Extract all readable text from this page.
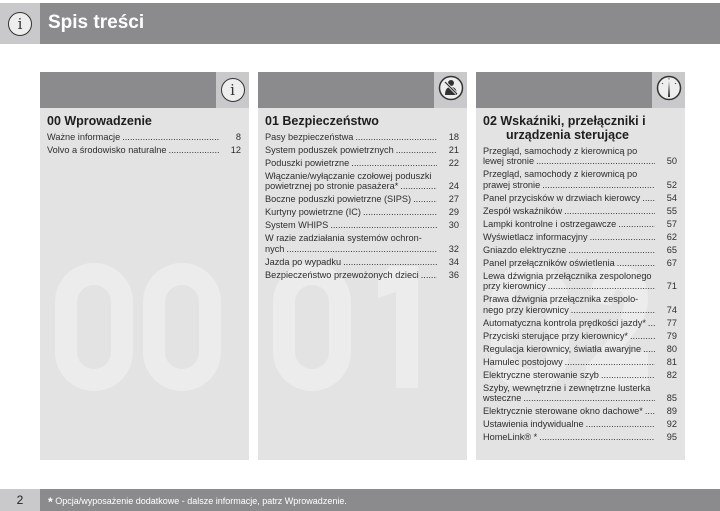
i	Spis treści
i
00 Wprowadzenie
Ważne informacje .....	8
Volvo a środowisko naturalne .....	12
01 Bezpieczeństwo
Pasy bezpieczeństwa .....	18
System poduszek powietrznych .....	21
Poduszki powietrzne .....	22
Włączanie/wyłączanie czołowej poduszki
powietrznej po stronie pasażera* .....	24
Boczne poduszki powietrzne (SIPS) .....	27
Kurtyny powietrzne (IC) .....	29
System WHIPS .....	30
W razie zadziałania systemów ochron-
nych .....	32
Jazda po wypadku .....	34
Bezpieczeństwo przewożonych dzieci .....	36
02 Wskaźniki, przełączniki i
urządzenia sterujące
Przegląd, samochody z kierownicą po
lewej stronie .....	50
Przegląd, samochody z kierownicą po
prawej stronie .....	52
Panel przycisków w drzwiach kierowcy .....	54
Zespół wskaźników .....	55
Lampki kontrolne i ostrzegawcze .....	57
Wyświetlacz informacyjny .....	62
Gniazdo elektryczne .....	65
Panel przełączników oświetlenia .....	67
Lewa dźwignia przełącznika zespolonego
przy kierownicy .....	71
Prawa dźwignia przełącznika zespolo-
nego przy kierownicy .....	74
Automatyczna kontrola prędkości jazdy* .....	77
Przyciski sterujące przy kierownicy* .....	79
Regulacja kierownicy, światła awaryjne .....	80
Hamulec postojowy .....	81
Elektryczne sterowanie szyb .....	82
Szyby, wewnętrzne i zewnętrzne lusterka
wsteczne .....	85
Elektrycznie sterowane okno dachowe* .....	89
Ustawienia indywidualne .....	92
HomeLink® * .....	95
2	* Opcja/wyposażenie dodatkowe - dalsze informacje, patrz Wprowadzenie.
